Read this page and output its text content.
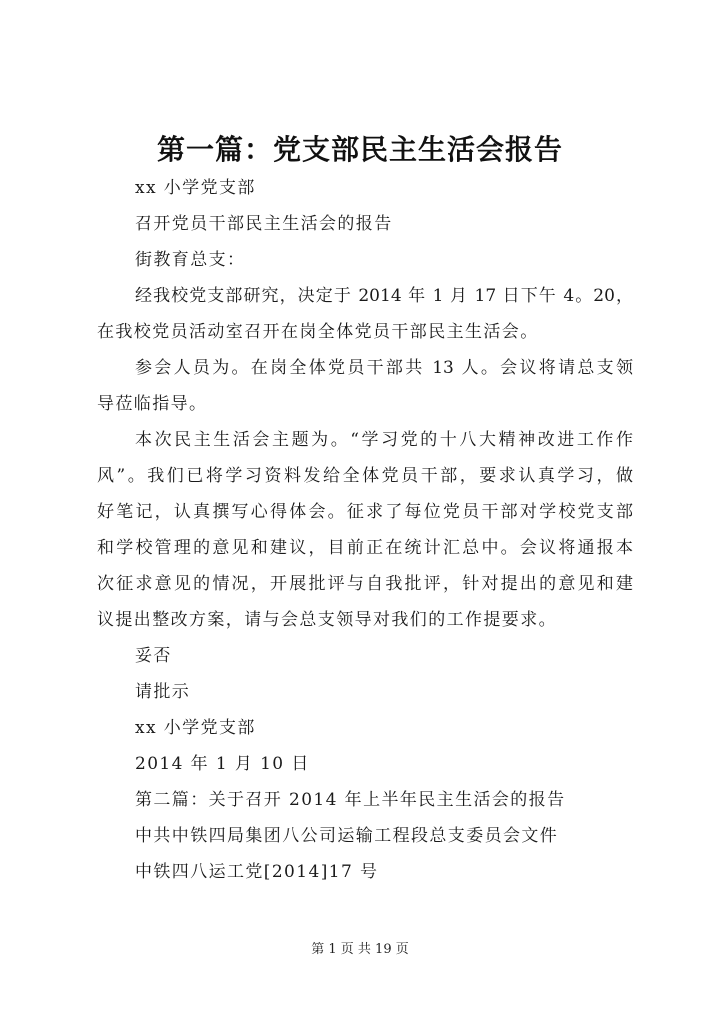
第一篇：党支部民主生活会报告
xx 小学党支部
召开党员干部民主生活会的报告
街教育总支：
经我校党支部研究，决定于 2014 年 1 月 17 日下午 4。20，
在我校党员活动室召开在岗全体党员干部民主生活会。
参会人员为。在岗全体党员干部共 13 人。会议将请总支领
导莅临指导。
本次民主生活会主题为。“学习党的十八大精神改进工作作
风”。我们已将学习资料发给全体党员干部，要求认真学习，做
好笔记，认真撰写心得体会。征求了每位党员干部对学校党支部
和学校管理的意见和建议，目前正在统计汇总中。会议将通报本
次征求意见的情况，开展批评与自我批评，针对提出的意见和建
议提出整改方案，请与会总支领导对我们的工作提要求。
妥否
请批示
xx 小学党支部
2014 年 1 月 10 日
第二篇：关于召开 2014 年上半年民主生活会的报告
中共中铁四局集团八公司运输工程段总支委员会文件
中铁四八运工党[2014]17 号
第 1 页 共 19 页
